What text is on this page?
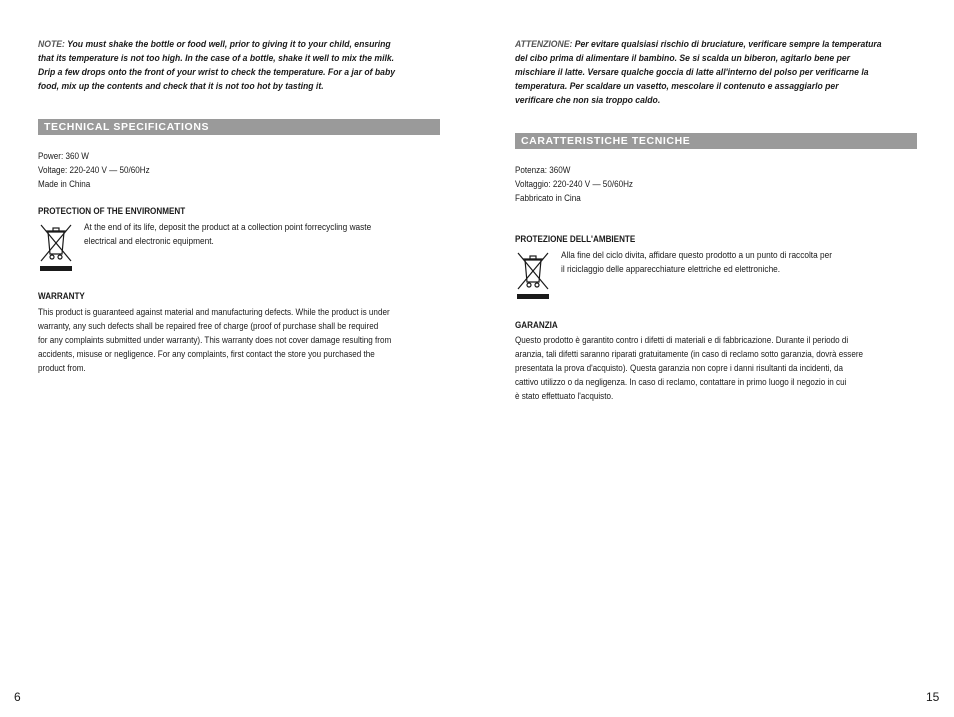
NOTE: You must shake the bottle or food well, prior to giving it to your child, ensuring
that its temperature is not too high. In the case of a bottle, shake it well to mix the milk.
Drip a few drops onto the front of your wrist to check the temperature. For a jar of baby
food, mix up the contents and check that it is not too hot by tasting it.
TECHNICAL SPECIFICATIONS
Power: 360 W
Voltage: 220-240 V — 50/60Hz
Made in China
PROTECTION OF THE ENVIRONMENT
At the end of its life, deposit the product at a collection point forrecycling waste
electrical and electronic equipment.
WARRANTY
This product is guaranteed against material and manufacturing defects. While the product is under
warranty, any such defects shall be repaired free of charge (proof of purchase shall be required
for any complaints submitted under warranty). This warranty does not cover damage resulting from
accidents, misuse or negligence. For any complaints, first contact the store you purchased the
product from.
6
ATTENZIONE: Per evitare qualsiasi rischio di bruciature, verificare sempre la temperatura
del cibo prima di alimentare il bambino. Se si scalda un biberon, agitarlo bene per
mischiare il latte. Versare qualche goccia di latte all'interno del polso per verificarne la
temperatura. Per scaldare un vasetto, mescolare il contenuto e assaggiarlo per
verificare che non sia troppo caldo.
CARATTERISTICHE TECNICHE
Potenza: 360W
Voltaggio: 220-240 V — 50/60Hz
Fabbricato in Cina
PROTEZIONE DELL'AMBIENTE
Alla fine del ciclo divita, affidare questo prodotto a un punto di raccolta per
il riciclaggio delle apparecchiature elettriche ed elettroniche.
GARANZIA
Questo prodotto è garantito contro i difetti di materiali e di fabbricazione. Durante il periodo di
aranzia, tali difetti saranno riparati gratuitamente (in caso di reclamo sotto garanzia, dovrà essere
presentata la prova d'acquisto). Questa garanzia non copre i danni risultanti da incidenti, da
cattivo utilizzo o da negligenza. In caso di reclamo, contattare in primo luogo il negozio in cui
è stato effettuato l'acquisto.
15
